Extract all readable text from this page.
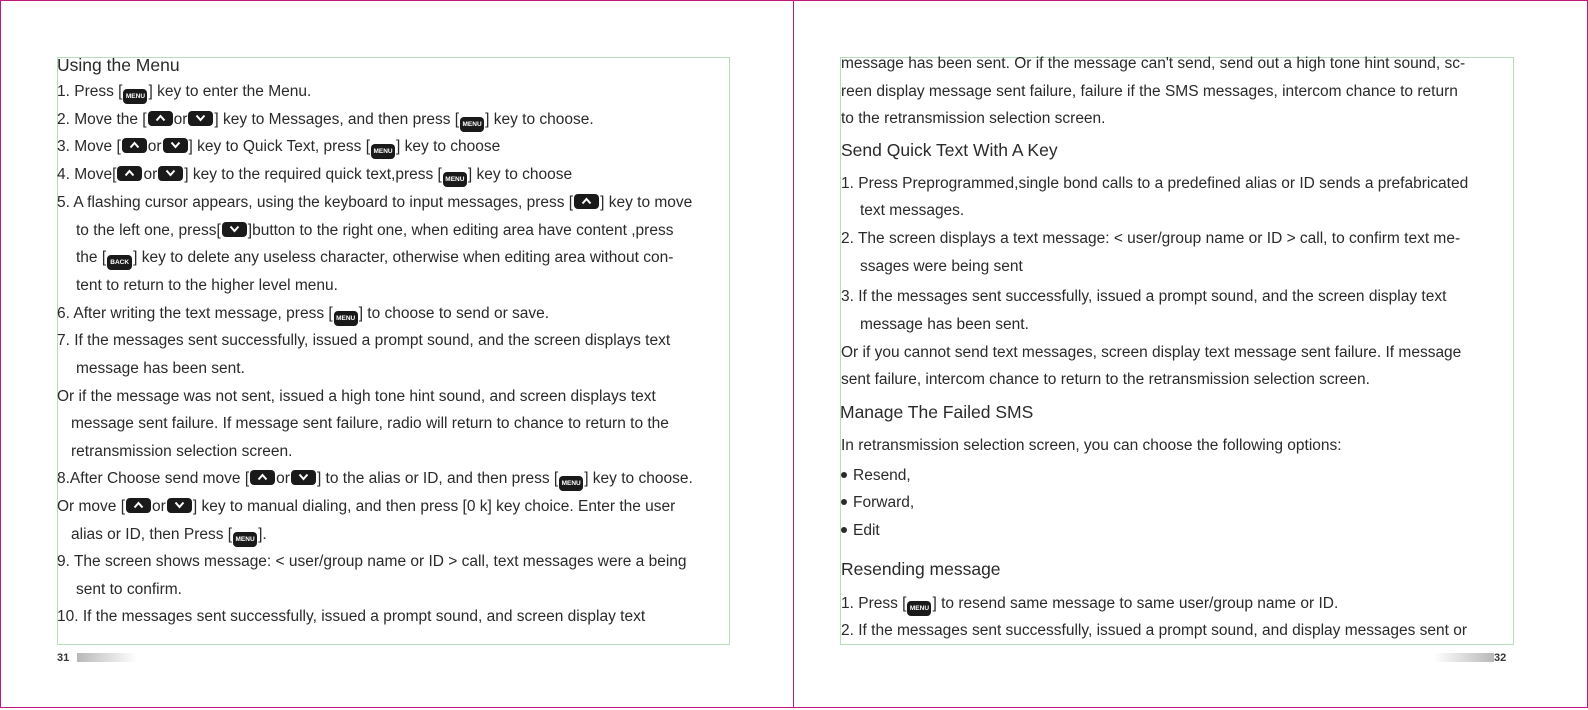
Using the Menu
1. Press [ MENU ] key to enter the Menu.
2. Move the [ or ] key to Messages, and then press [ MENU ] key to choose.
3. Move [ or ] key to Quick Text, press [ MENU ] key to choose
4. Move[ or ] key to the required quick text,press [ MENU ] key to choose
5. A flashing cursor appears, using the keyboard to input messages, press [ ] key to move
to the left one, press[ ]button to the right one, when editing area have content ,press
the [ BACK ] key to delete any useless character, otherwise when editing area without con-
tent to return to the higher level menu.
6. After writing the text message, press [ MENU ] to choose to send or save.
7. If the messages sent successfully, issued a prompt sound, and the screen displays text
message has been sent.
Or if the message was not sent, issued a high tone hint sound, and screen displays text
message sent failure. If message sent failure, radio will return to chance to return to the
retransmission selection screen.
8.After Choose send move [ or ] to the alias or ID, and then press [ MENU ] key to choose.
Or move [ or ] key to manual dialing, and then press [0 k] key choice. Enter the user
alias or ID, then Press [ MENU ].
9. The screen shows message: < user/group name or ID > call, text messages were a being
sent to confirm.
10. If the messages sent successfully, issued a prompt sound, and screen display text
31
message has been sent. Or if the message can't send, send out a high tone hint sound, sc-
reen display message sent failure, failure if the SMS messages, intercom chance to return
to the retransmission selection screen.
Send Quick Text With A Key
1. Press Preprogrammed,single bond calls to a predefined alias or ID sends a prefabricated
text messages.
2. The screen displays a text message: < user/group name or ID > call, to confirm text me-
ssages were being sent
3. If the messages sent successfully, issued a prompt sound, and the screen display text
message has been sent.
Or if you cannot send text messages, screen display text message sent failure. If message
sent failure, intercom chance to return to the retransmission selection screen.
Manage The Failed SMS
In retransmission selection screen, you can choose the following options:
Resend,
Forward,
Edit
Resending message
1. Press [ MENU ] to resend same message to same user/group name or ID.
2. If the messages sent successfully, issued a prompt sound, and display messages sent or
32
